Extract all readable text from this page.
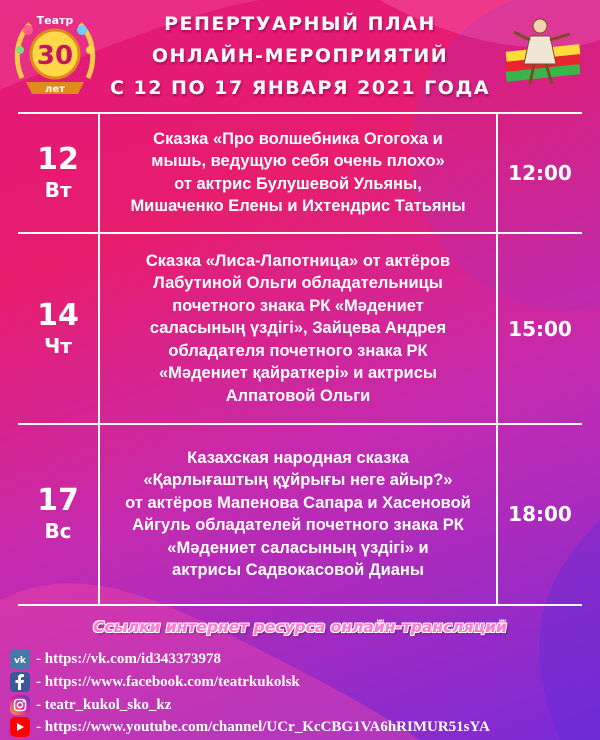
30
Театр
лет
РЕПЕРТУАРНЫЙ ПЛАН
ОНЛАЙН-МЕРОПРИЯТИЙ
С 12 ПО 17 ЯНВАРЯ 2021 ГОДА
12
Вт
Сказка «Про волшебника Огогоха и
мышь, ведущую себя очень плохо»
от актрис Булушевой Ульяны,
Мишаченко Елены и Ихтендрис Татьяны
12:00
14
Чт
Сказка «Лиса-Лапотница» от актёров
Лабутиной Ольги обладательницы
почетного знака РК «Мәдениет
саласының үздігі», Зайцева Андрея
обладателя почетного знака РК
«Мәдениет қайраткері» и актрисы
Алпатовой Ольги
15:00
17
Вс
Казахская народная сказка
«Қарлығаштың құйрығы неге айыр?»
от актёров Мапенова Сапара и Хасеновой
Айгуль обладателей почетного знака РК
«Мәдениет саласының үздігі» и
актрисы Садвокасовой Дианы
18:00
Ссылки интернет ресурса онлайн-трансляций
vk - https://vk.com/id343373978
- https://www.facebook.com/teatrkukolsk
- teatr_kukol_sko_kz
- https://www.youtube.com/channel/UCr_KcCBG1VA6hRIMUR51sYA
